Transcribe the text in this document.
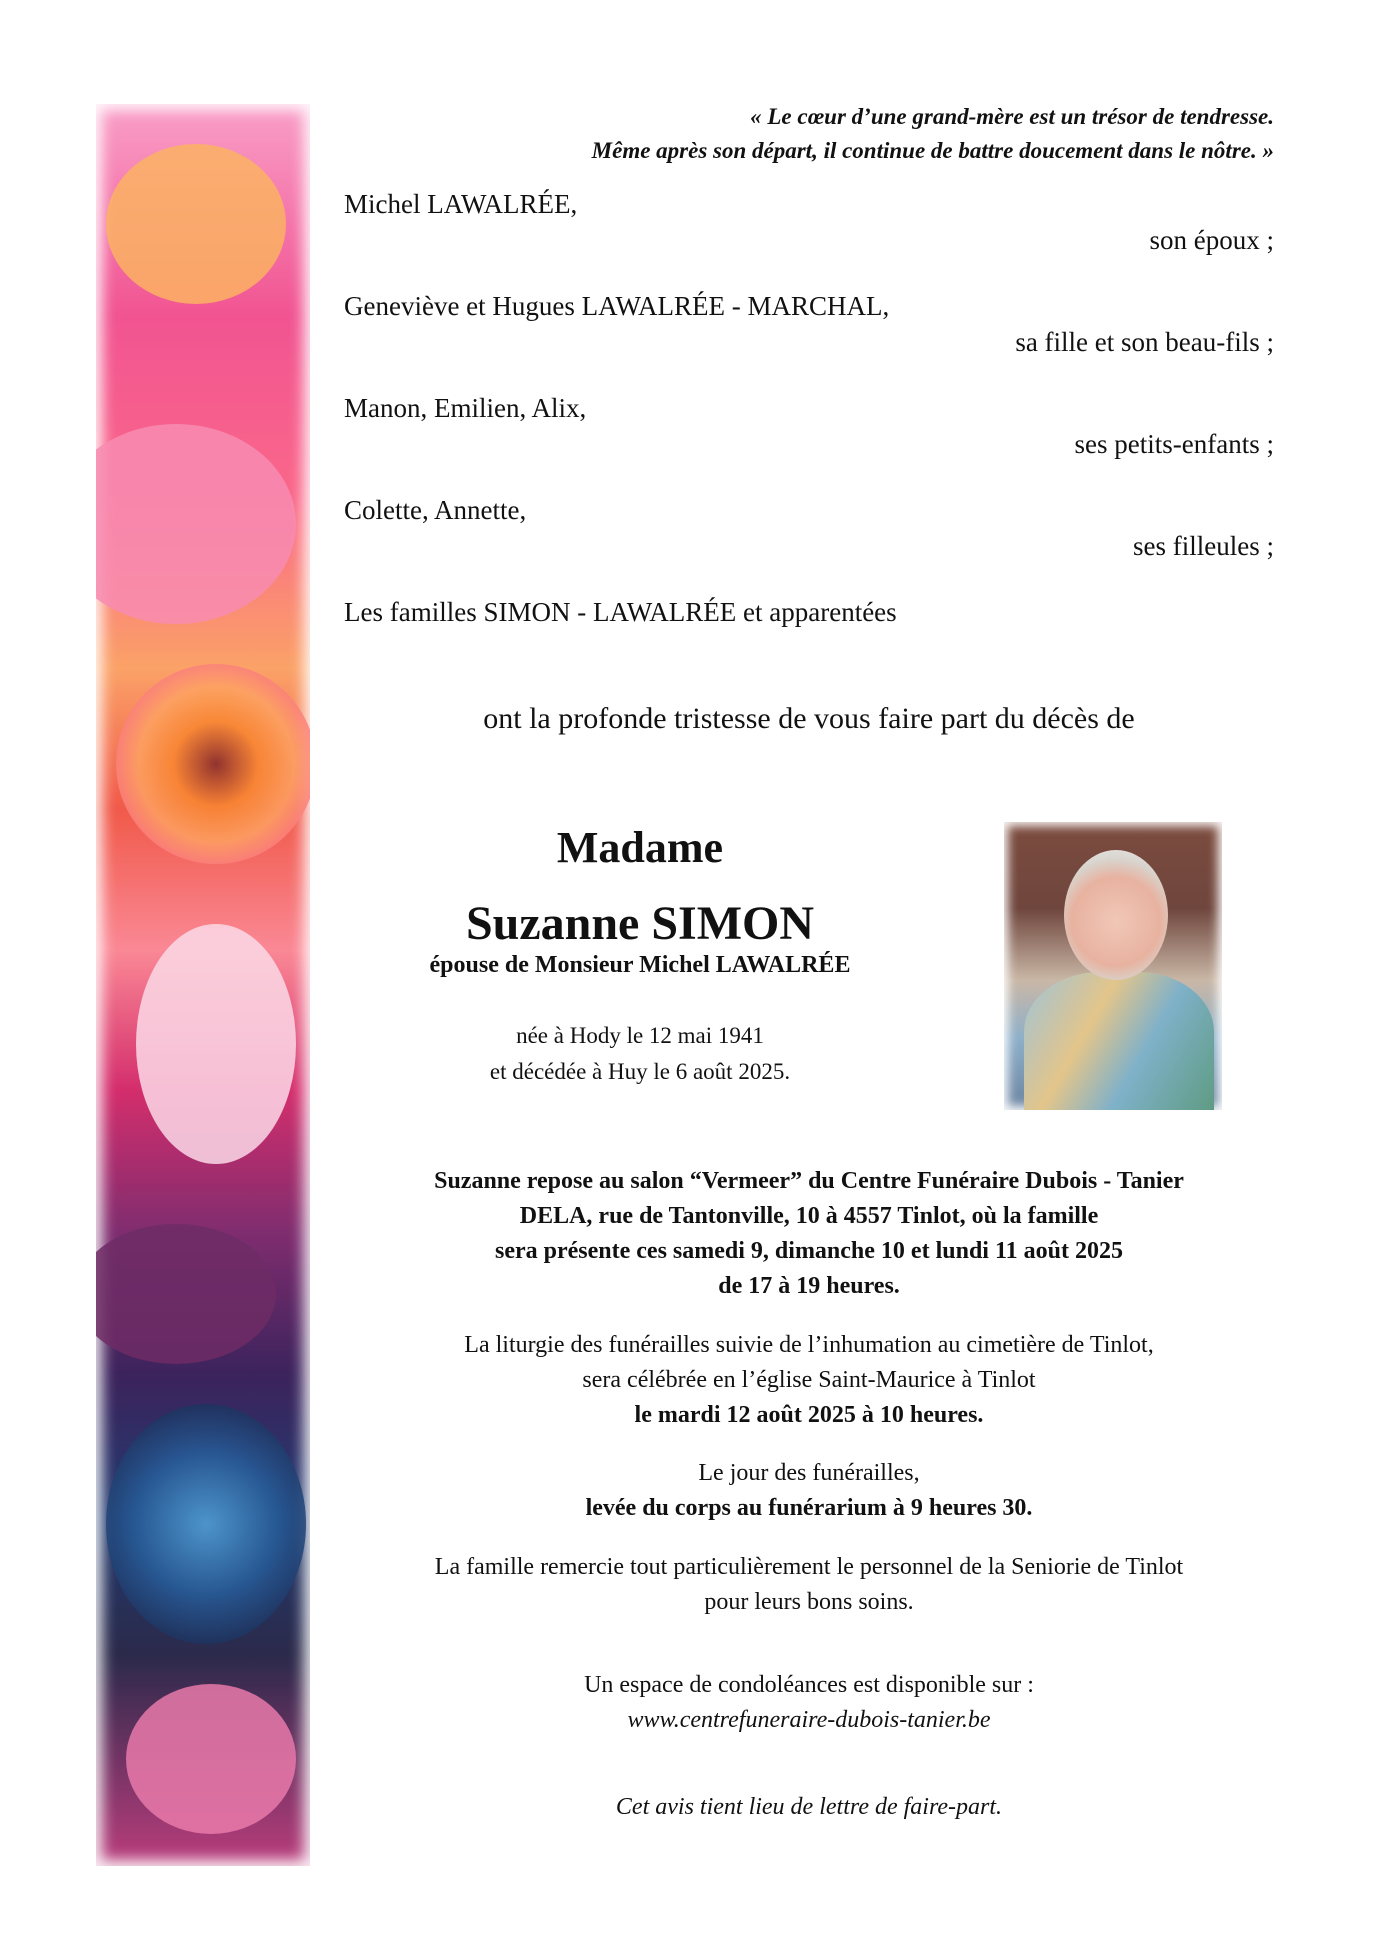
« Le cœur d’une grand-mère est un trésor de tendresse.
Même après son départ, il continue de battre doucement dans le nôtre. »
Michel LAWALRÉE,
son époux ;
Geneviève et Hugues LAWALRÉE - MARCHAL,
sa fille et son beau-fils ;
Manon, Emilien, Alix,
ses petits-enfants ;
Colette, Annette,
ses filleules ;
Les familles SIMON - LAWALRÉE et apparentées
ont la profonde tristesse de vous faire part du décès de
Madame
Suzanne SIMON
épouse de Monsieur Michel LAWALRÉE
née à Hody le 12 mai 1941
et décédée à Huy le 6 août 2025.
Suzanne repose au salon “Vermeer” du Centre Funéraire Dubois - Tanier
DELA, rue de Tantonville, 10 à 4557 Tinlot, où la famille
sera présente ces samedi 9, dimanche 10 et lundi 11 août 2025
de 17 à 19 heures.
La liturgie des funérailles suivie de l’inhumation au cimetière de Tinlot,
sera célébrée en l’église Saint-Maurice à Tinlot
le mardi 12 août 2025 à 10 heures.
Le jour des funérailles,
levée du corps au funérarium à 9 heures 30.
La famille remercie tout particulièrement le personnel de la Seniorie de Tinlot
pour leurs bons soins.
Un espace de condoléances est disponible sur :
www.centrefuneraire-dubois-tanier.be
Cet avis tient lieu de lettre de faire-part.
